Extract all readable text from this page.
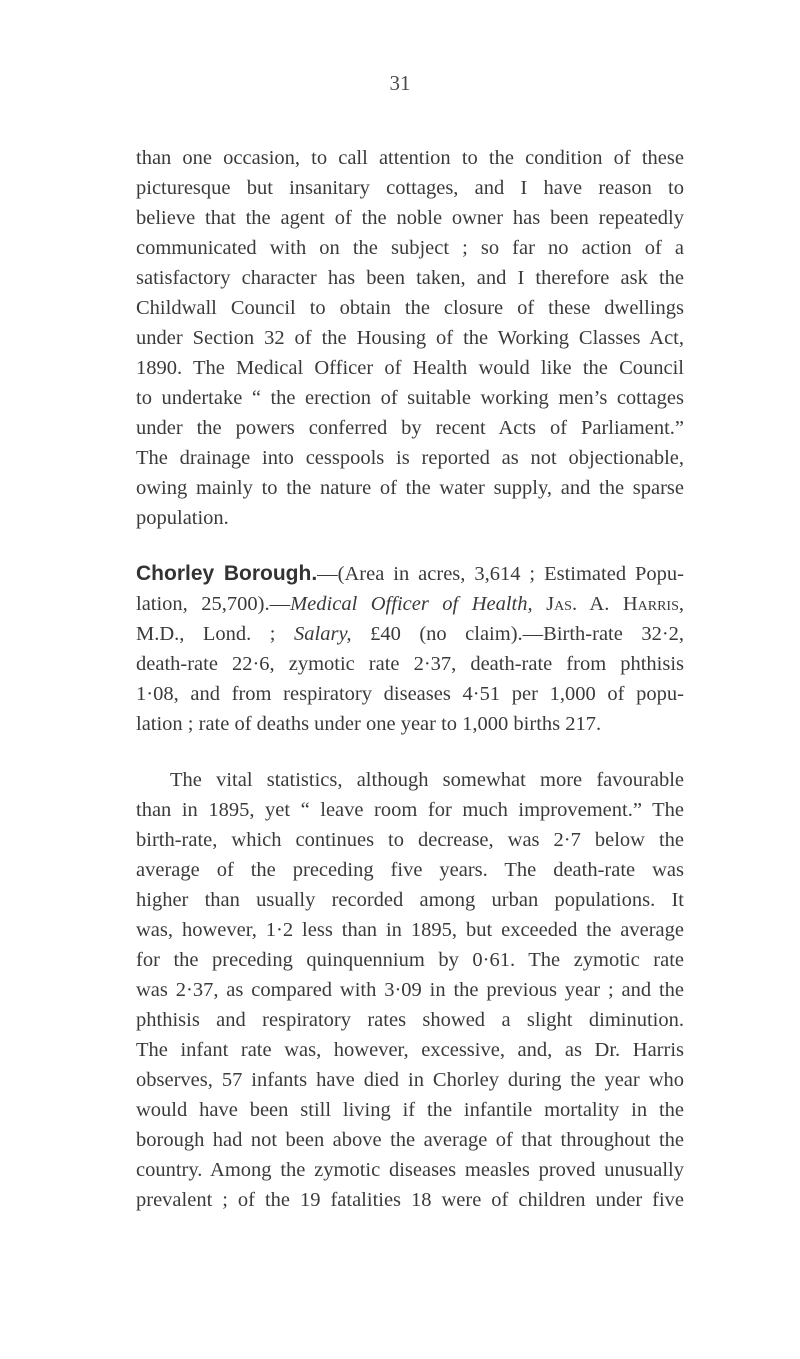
31
than one occasion, to call attention to the condition of these
picturesque but insanitary cottages, and I have reason to
believe that the agent of the noble owner has been repeatedly
communicated with on the subject ; so far no action of a
satisfactory character has been taken, and I therefore ask the
Childwall Council to obtain the closure of these dwellings
under Section 32 of the Housing of the Working Classes Act,
1890. The Medical Officer of Health would like the Council
to undertake “ the erection of suitable working men’s cottages
under the powers conferred by recent Acts of Parliament.”
The drainage into cesspools is reported as not objectionable,
owing mainly to the nature of the water supply, and the sparse
population.
Chorley Borough.—(Area in acres, 3,614 ; Estimated Popu-
lation, 25,700).—Medical Officer of Health, Jas. A. Harris,
M.D., Lond. ; Salary, £40 (no claim).—Birth-rate 32·2,
death-rate 22·6, zymotic rate 2·37, death-rate from phthisis
1·08, and from respiratory diseases 4·51 per 1,000 of popu-
lation ; rate of deaths under one year to 1,000 births 217.
The vital statistics, although somewhat more favourable
than in 1895, yet “ leave room for much improvement.” The
birth-rate, which continues to decrease, was 2·7 below the
average of the preceding five years. The death-rate was
higher than usually recorded among urban populations. It
was, however, 1·2 less than in 1895, but exceeded the average
for the preceding quinquennium by 0·61. The zymotic rate
was 2·37, as compared with 3·09 in the previous year ; and the
phthisis and respiratory rates showed a slight diminution.
The infant rate was, however, excessive, and, as Dr. Harris
observes, 57 infants have died in Chorley during the year who
would have been still living if the infantile mortality in the
borough had not been above the average of that throughout the
country. Among the zymotic diseases measles proved unusually
prevalent ; of the 19 fatalities 18 were of children under five
